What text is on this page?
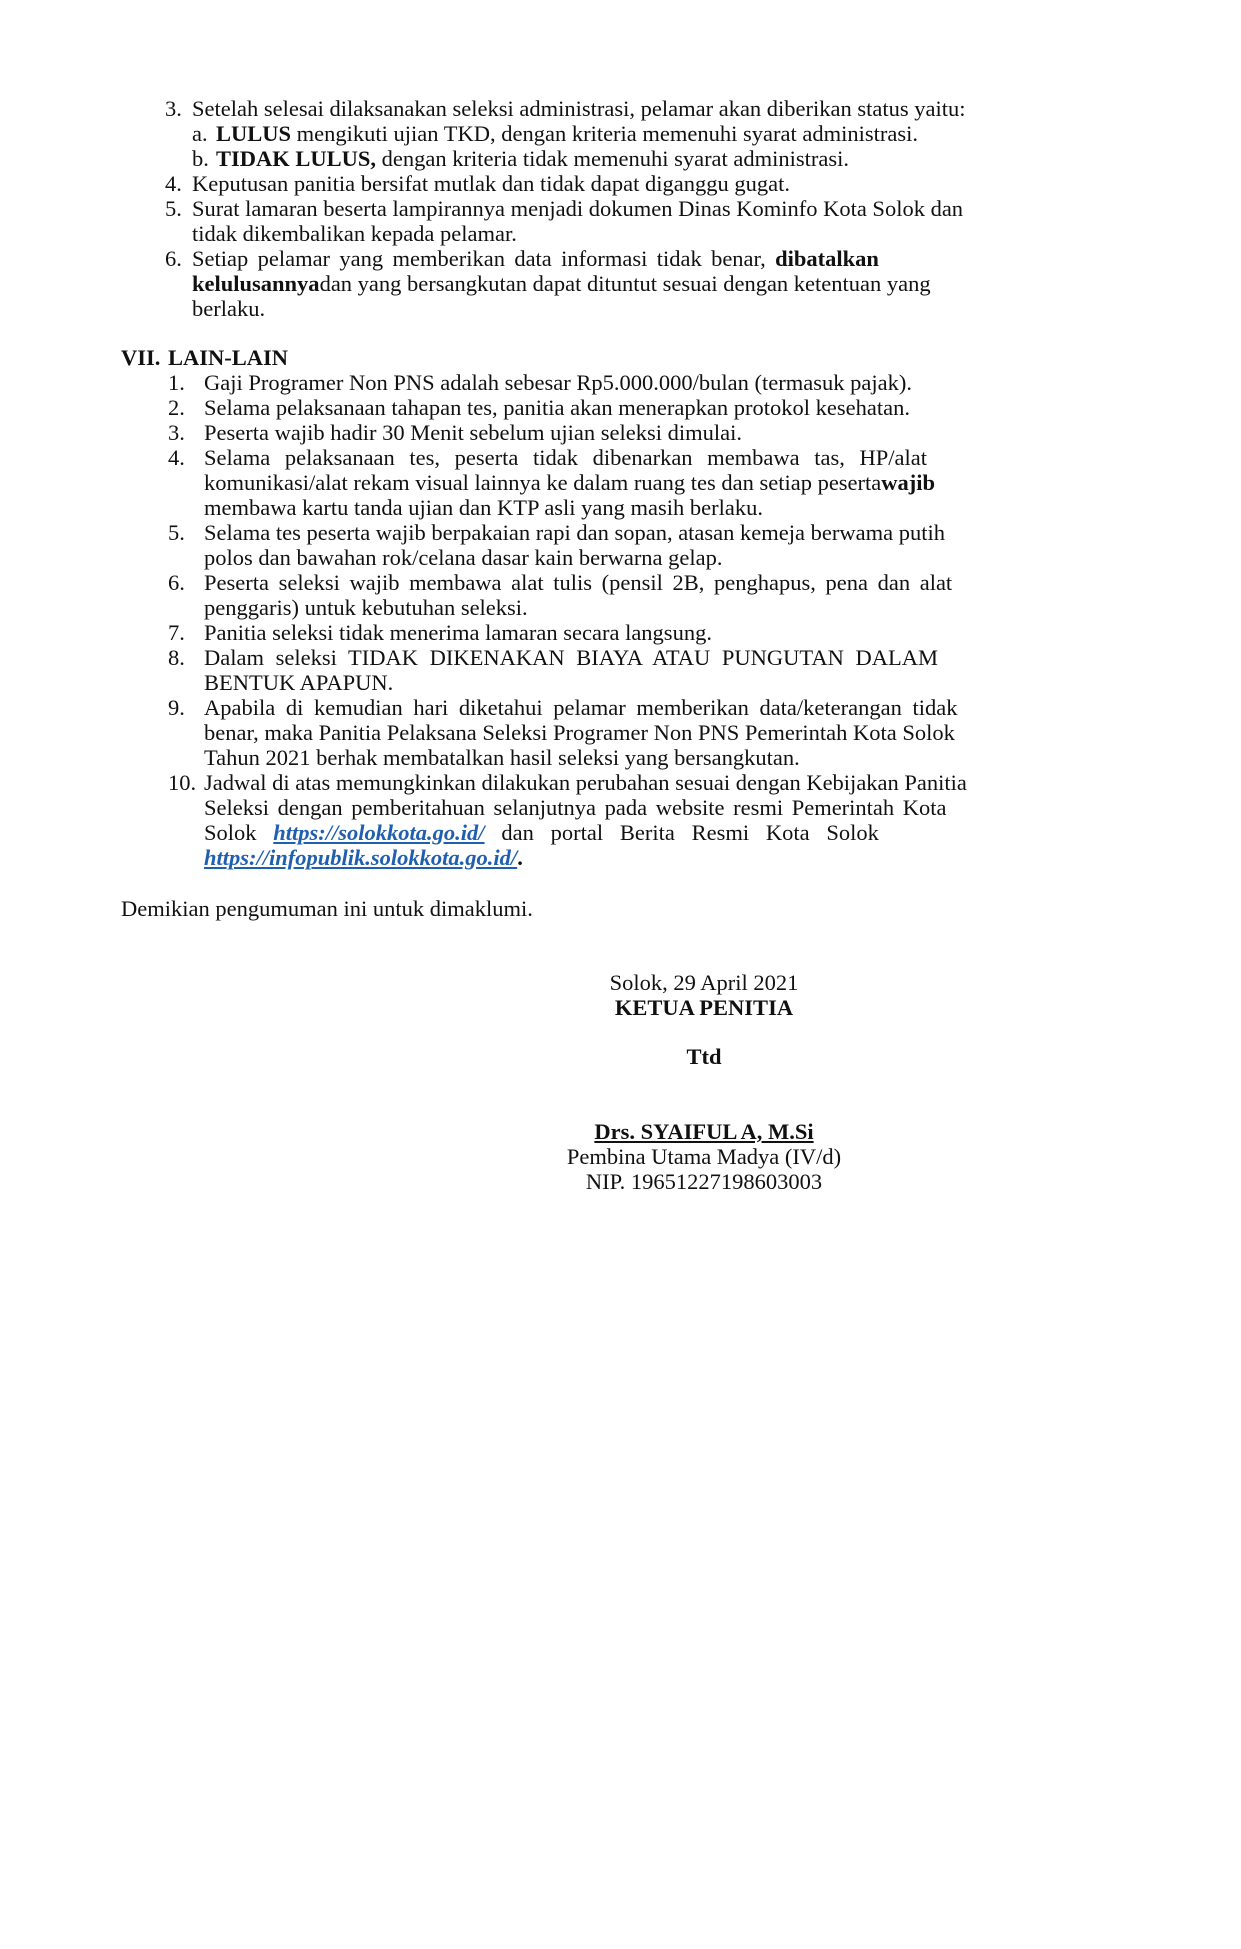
3. Setelah selesai dilaksanakan seleksi administrasi, pelamar akan diberikan status yaitu:
a. LULUS mengikuti ujian TKD, dengan kriteria memenuhi syarat administrasi.
b. TIDAK LULUS, dengan kriteria tidak memenuhi syarat administrasi.
4. Keputusan panitia bersifat mutlak dan tidak dapat diganggu gugat.
5. Surat lamaran beserta lampirannya menjadi dokumen Dinas Kominfo Kota Solok dan
tidak dikembalikan kepada pelamar.
6. Setiap pelamar yang memberikan data informasi tidak benar, dibatalkan
kelulusannya dan yang bersangkutan dapat dituntut sesuai dengan ketentuan yang
berlaku.
VII. LAIN-LAIN
1. Gaji Programer Non PNS adalah sebesar Rp5.000.000/bulan (termasuk pajak).
2. Selama pelaksanaan tahapan tes, panitia akan menerapkan protokol kesehatan.
3. Peserta wajib hadir 30 Menit sebelum ujian seleksi dimulai.
4. Selama pelaksanaan tes, peserta tidak dibenarkan membawa tas, HP/alat
komunikasi/alat rekam visual lainnya ke dalam ruang tes dan setiap peserta wajib
membawa kartu tanda ujian dan KTP asli yang masih berlaku.
5. Selama tes peserta wajib berpakaian rapi dan sopan, atasan kemeja berwama putih
polos dan bawahan rok/celana dasar kain berwarna gelap.
6. Peserta seleksi wajib membawa alat tulis (pensil 2B, penghapus, pena dan alat
penggaris) untuk kebutuhan seleksi.
7. Panitia seleksi tidak menerima lamaran secara langsung.
8. Dalam seleksi TIDAK DIKENAKAN BIAYA ATAU PUNGUTAN DALAM
BENTUK APAPUN.
9. Apabila di kemudian hari diketahui pelamar memberikan data/keterangan tidak
benar, maka Panitia Pelaksana Seleksi Programer Non PNS Pemerintah Kota Solok
Tahun 2021 berhak membatalkan hasil seleksi yang bersangkutan.
10. Jadwal di atas memungkinkan dilakukan perubahan sesuai dengan Kebijakan Panitia
Seleksi dengan pemberitahuan selanjutnya pada website resmi Pemerintah Kota
Solok https://solokkota.go.id/ dan portal Berita Resmi Kota Solok
https://infopublik.solokkota.go.id/.
Demikian pengumuman ini untuk dimaklumi.
Solok, 29 April 2021
KETUA PENITIA
Ttd
Drs. SYAIFUL A, M.Si
Pembina Utama Madya (IV/d)
NIP. 19651227198603003
